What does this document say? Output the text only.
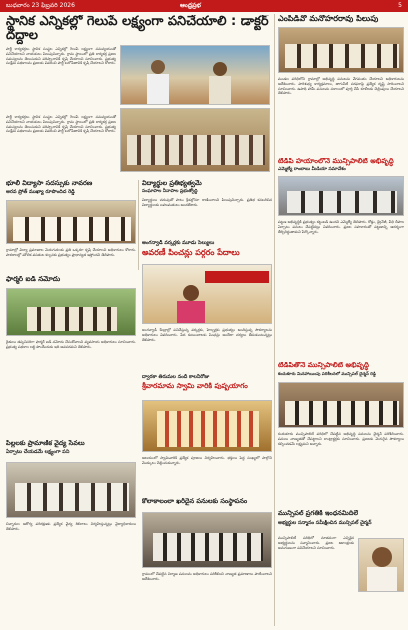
బుధవారం 23 ఫిబ్రవరి 2026	ఆంధ్రప్రభ	5
స్థానిక ఎన్నికల్లో గెలుపే లక్ష్యంగా పనిచేయాలి : డాక్టర్ దద్దాల
పార్టీ కార్యకర్తలు స్థానిక సంస్థల ఎన్నికల్లో గెలుపే లక్ష్యంగా సమన్వయంతో పనిచేయాలని నాయకులు పిలుపునిచ్చారు. గ్రామ స్థాయిలో ప్రతి కార్యకర్త ప్రజల సమస్యలను తెలుసుకుని పరిష్కారానికి కృషి చేయాలని సూచించారు. ప్రభుత్వ సంక్షేమ పథకాలను ప్రజలకు వివరించి పార్టీ బలోపేతానికి కృషి చేయాలని కోరారు.
పార్టీ కార్యకర్తలు స్థానిక సంస్థల ఎన్నికల్లో గెలుపే లక్ష్యంగా సమన్వయంతో పనిచేయాలని నాయకులు పిలుపునిచ్చారు. గ్రామ స్థాయిలో ప్రతి కార్యకర్త ప్రజల సమస్యలను తెలుసుకుని పరిష్కారానికి కృషి చేయాలని సూచించారు. ప్రభుత్వ సంక్షేమ పథకాలను ప్రజలకు వివరించి పార్టీ బలోపేతానికి కృషి చేయాలని కోరారు.
ఎంపీడీవో మనోహరరావు పిలుపు
మండల పరిధిలోని గ్రామాల్లో అభివృద్ధి పనులను వేగవంతం చేయాలని అధికారులను ఆదేశించారు. పారిశుధ్య కార్యక్రమాలు, తాగునీటి సరఫరాపై ప్రత్యేక దృష్టి సారించాలని సూచించారు. ఉపాధి హామీ పనులను సకాలంలో పూర్తి చేసి కూలీలకు చెల్లింపులు చేయాలని తెలిపారు.
టీడీపీ హయాంలోనే మున్సిపాలిటీ అభివృద్ధి
ఎమ్మెల్యే రాంబాబు మీడియా సమావేశం
పట్టణ అభివృద్ధికి ప్రభుత్వం కట్టుబడి ఉందని ఎమ్మెల్యే తెలిపారు. రోడ్లు, డ్రైనేజీ, వీధి దీపాల ఏర్పాటు పనులు చేపట్టినట్లు వివరించారు. ప్రజల సహకారంతో పట్టణాన్ని ఆదర్శంగా తీర్చిదిద్దుతామని పేర్కొన్నారు.
టీడీపీతోనే మున్సిపాలిటీ అభివృద్ధి
కందుకూరు మినహాయింపు పరిశీలనలో మున్సిపల్ చైర్మన్ రెడ్డి
కందుకూరు మున్సిపాలిటీ పరిధిలో చేపట్టిన అభివృద్ధి పనులను చైర్మన్ పరిశీలించారు. పనులు నాణ్యతతో చేపట్టాలని కాంట్రాక్టర్లకు సూచించారు. ప్రజలకు మెరుగైన సౌకర్యాలు కల్పించడమే లక్ష్యమని అన్నారు.
మున్సిపల్ ప్రగతికి ఇంధనమిదిలే
అభ్యర్థుల సన్మానం సమీక్షించిన మున్సిపల్ చైర్మన్
మున్సిపాలిటీ పరిధిలో నూతనంగా ఎన్నికైన అభ్యర్థులను సన్మానించారు. ప్రజల ఆకాంక్షలకు అనుగుణంగా పనిచేయాలని సూచించారు.
భూలీ విద్యాసా సదస్సుకు నావరణ
అరవ ప్రోత్ ముఖ్యా రూపొందిద రెడ్డి
గ్రామాల్లో విద్యా ప్రమాణాల మెరుగుదలకు ప్రతి ఒక్కరూ కృషి చేయాలని అధికారులు కోరారు. పాఠశాలల్లో మౌలిక వసతుల కల్పనకు ప్రభుత్వం ప్రాధాన్యత ఇస్తోందని తెలిపారు.
విద్యార్థుల ప్రతిభ్యత్వమే
సంఘాపాల నీనాపాల ప్రభుత్వోద్ది
విద్యార్థులు చదువుతో పాటు క్రీడల్లోనూ రాణించాలని పిలుపునిచ్చారు. ప్రతిభ కనబరిచిన విద్యార్థులకు బహుమతులు అందజేశారు.
అంగన్వాడీ వర్కర్లకు మూడు సెల్యులు
అవరణీ పించన్లు పర్గరం పేదాలు
అంగన్వాడీ కేంద్రాల్లో పనిచేస్తున్న వర్కర్లకు, హెల్పర్లకు ప్రభుత్వం అందిస్తున్న సౌకర్యాలను అధికారులు వివరించారు. పేద కుటుంబాలకు పింఛన్లు అందేలా చర్యలు తీసుకుంటున్నట్లు తెలిపారు.
ఫార్మర్ ఐడీ నమోదు
రైతులు తప్పనిసరిగా ఫార్మర్ ఐడీ నమోదు చేసుకోవాలని వ్యవసాయ అధికారులు సూచించారు. ప్రభుత్వ పథకాల లబ్ధి పొందేందుకు ఇది అవసరమని తెలిపారు.
ద్వారకా తిరుమల నందీ కాలనీరోజు
శ్రీవారమామ స్వామి వారికి పుష్పయాగం
ఆలయంలో స్వామివారికి ప్రత్యేక పూజలు నిర్వహించారు. భక్తులు పెద్ద సంఖ్యలో పాల్గొని మొక్కులు చెల్లించుకున్నారు.
పిల్లలకు ప్రామాణిక వైద్య సేవలు
ఏర్పాటు చేయడమే లక్ష్యంగా పని
చిన్నారుల ఆరోగ్య పరిరక్షణకు ప్రత్యేక వైద్య శిబిరాలు నిర్వహిస్తున్నట్లు వైద్యాధికారులు తెలిపారు.
కోలాకాలంలా ఖరీదైన పనులకు సంస్థాపనం
గ్రామంలో చేపట్టిన నిర్మాణ పనులను అధికారులు పరిశీలించి నాణ్యత ప్రమాణాలు పాటించాలని ఆదేశించారు.
